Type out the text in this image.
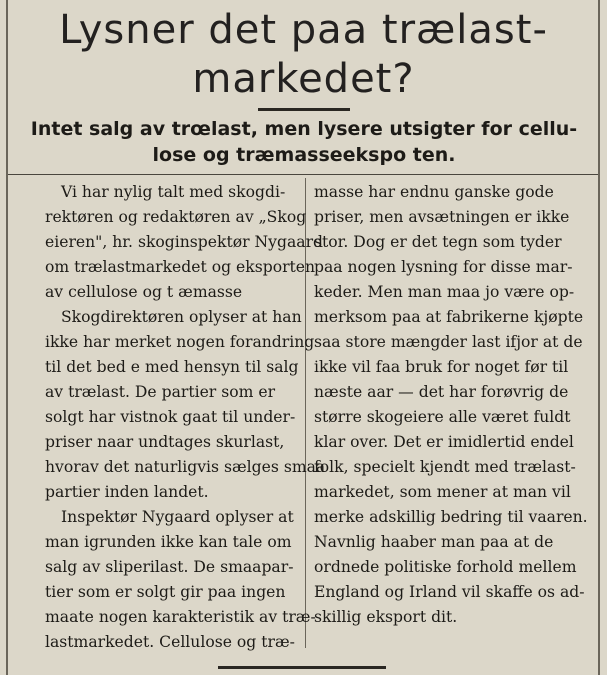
Lysner det paa trælast-
markedet?
Intet salg av trœlast, men lysere utsigter for cellu-
lose og træmasseekspo ten.
Vi har nylig talt med skogdi-
rektøren og redaktøren av „Skog
eieren", hr. skoginspektør Nygaard
om trælastmarkedet og eksporten
av cellulose og t æmasse
Skogdirektøren oplyser at han
ikke har merket nogen forandring
til det bed e med hensyn til salg
av trælast. De partier som er
solgt har vistnok gaat til under-
priser naar undtages skurlast,
hvorav det naturligvis sælges smaa
partier inden landet.
Inspektør Nygaard oplyser at
man igrunden ikke kan tale om
salg av sliperilast. De smaapar-
tier som er solgt gir paa ingen
maate nogen karakteristik av træ-
lastmarkedet. Cellulose og træ-
masse har endnu ganske gode
priser, men avsætningen er ikke
stor. Dog er det tegn som tyder
paa nogen lysning for disse mar-
keder. Men man maa jo være op-
merksom paa at fabrikerne kjøpte
saa store mængder last ifjor at de
ikke vil faa bruk for noget før til
næste aar — det har forøvrig de
større skogeiere alle været fuldt
klar over. Det er imidlertid endel
folk, specielt kjendt med trælast-
markedet, som mener at man vil
merke adskillig bedring til vaaren.
Navnlig haaber man paa at de
ordnede politiske forhold mellem
England og Irland vil skaffe os ad-
skillig eksport dit.
